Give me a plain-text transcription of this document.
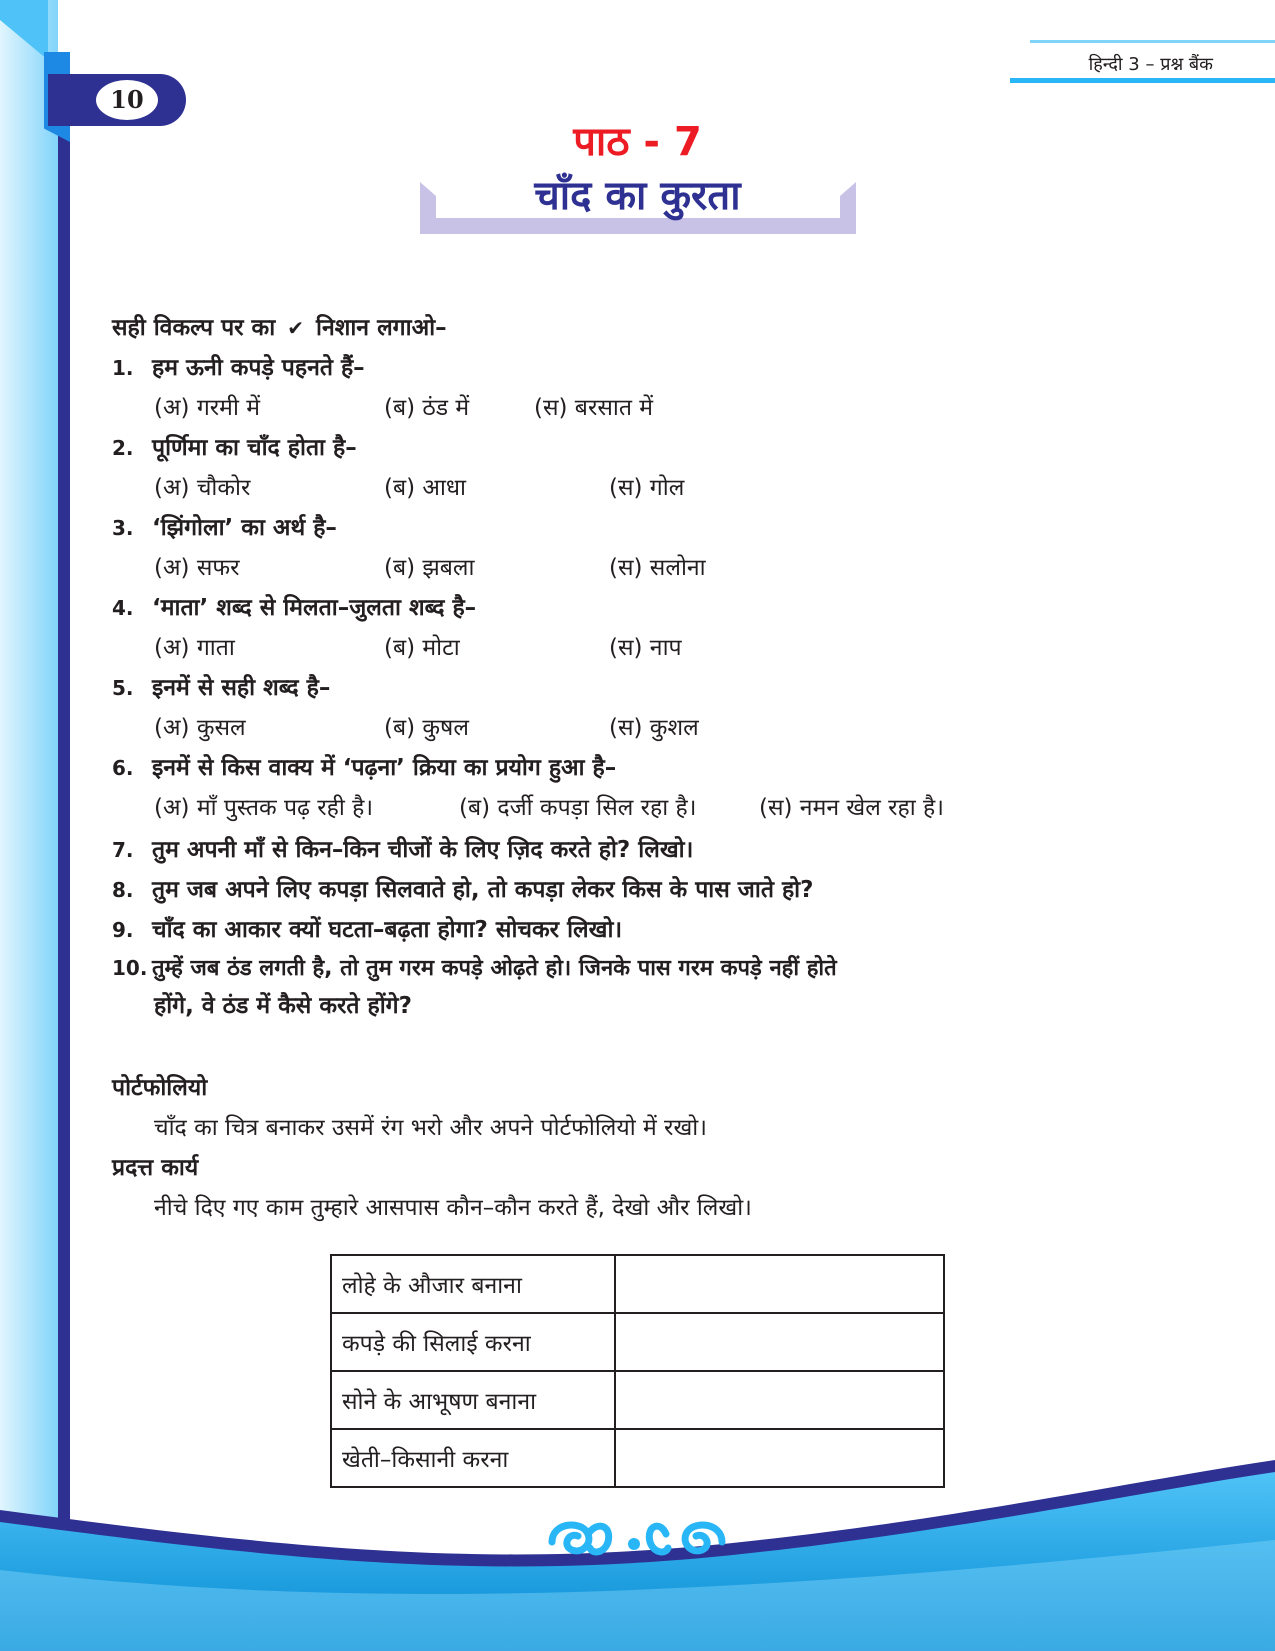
हिन्दी 3 – प्रश्न बैंक
10
पाठ - 7
चाँद का कुरता
सही विकल्प पर का ✔ निशान लगाओ–
1. हम ऊनी कपड़े पहनते हैं–
(अ) गरमी में	(ब) ठंड में	(स) बरसात में
2. पूर्णिमा का चाँद होता है–
(अ) चौकोर	(ब) आधा	(स) गोल
3. ‘झिंगोला’ का अर्थ है–
(अ) सफर	(ब) झबला	(स) सलोना
4. ‘माता’ शब्द से मिलता–जुलता शब्द है–
(अ) गाता	(ब) मोटा	(स) नाप
5. इनमें से सही शब्द है–
(अ) कुसल	(ब) कुषल	(स) कुशल
6. इनमें से किस वाक्य में ‘पढ़ना’ क्रिया का प्रयोग हुआ है–
(अ) माँ पुस्तक पढ़ रही है।	(ब) दर्जी कपड़ा सिल रहा है।	(स) नमन खेल रहा है।
7. तुम अपनी माँ से किन–किन चीजों के लिए ज़िद करते हो? लिखो।
8. तुम जब अपने लिए कपड़ा सिलवाते हो, तो कपड़ा लेकर किस के पास जाते हो?
9. चाँद का आकार क्यों घटता–बढ़ता होगा? सोचकर लिखो।
10. तुम्हें जब ठंड लगती है, तो तुम गरम कपड़े ओढ़ते हो। जिनके पास गरम कपड़े नहीं होते
होंगे, वे ठंड में कैसे करते होंगे?
पोर्टफोलियो
चाँद का चित्र बनाकर उसमें रंग भरो और अपने पोर्टफोलियो में रखो।
प्रदत्त कार्य
नीचे दिए गए काम तुम्हारे आसपास कौन–कौन करते हैं, देखो और लिखो।
लोहे के औजार बनाना	
कपड़े की सिलाई करना	
सोने के आभूषण बनाना	
खेती–किसानी करना	
